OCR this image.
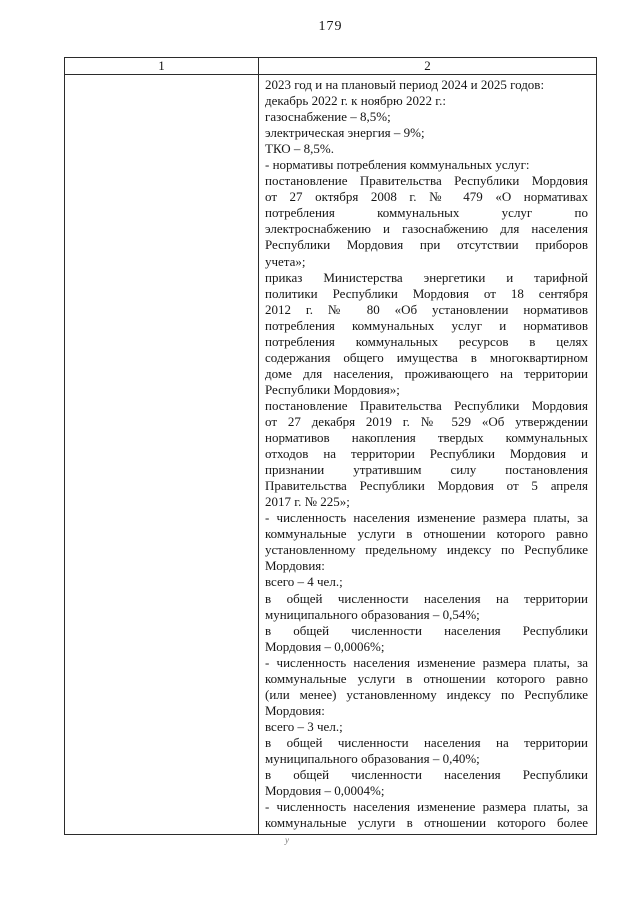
179
1	2
2023 год и на плановый период 2024 и 2025 годов:
декабрь 2022 г. к ноябрю 2022 г.:
газоснабжение – 8,5%;
электрическая энергия – 9%;
ТКО – 8,5%.
- нормативы потребления коммунальных услуг:
постановление Правительства Республики Мордовия
от 27 октября 2008 г. № 479 «О нормативах
потребления коммунальных услуг по
электроснабжению и газоснабжению для населения
Республики Мордовия при отсутствии приборов
учета»;
приказ Министерства энергетики и тарифной
политики Республики Мордовия от 18 сентября
2012 г. № 80 «Об установлении нормативов
потребления коммунальных услуг и нормативов
потребления коммунальных ресурсов в целях
содержания общего имущества в многоквартирном
доме для населения, проживающего на территории
Республики Мордовия»;
постановление Правительства Республики Мордовия
от 27 декабря 2019 г. № 529 «Об утверждении
нормативов накопления твердых коммунальных
отходов на территории Республики Мордовия и
признании утратившим силу постановления
Правительства Республики Мордовия от 5 апреля
2017 г. № 225»;
- численность населения изменение размера платы, за
коммунальные услуги в отношении которого равно
установленному предельному индексу по Республике
Мордовия:
всего – 4 чел.;
в общей численности населения на территории
муниципального образования – 0,54%;
в общей численности населения Республики
Мордовия – 0,0006%;
- численность населения изменение размера платы, за
коммунальные услуги в отношении которого равно
(или менее) установленному индексу по Республике
Мордовия:
всего – 3 чел.;
в общей численности населения на территории
муниципального образования – 0,40%;
в общей численности населения Республики
Мордовия – 0,0004%;
- численность населения изменение размера платы, за
коммунальные услуги в отношении которого более
y
